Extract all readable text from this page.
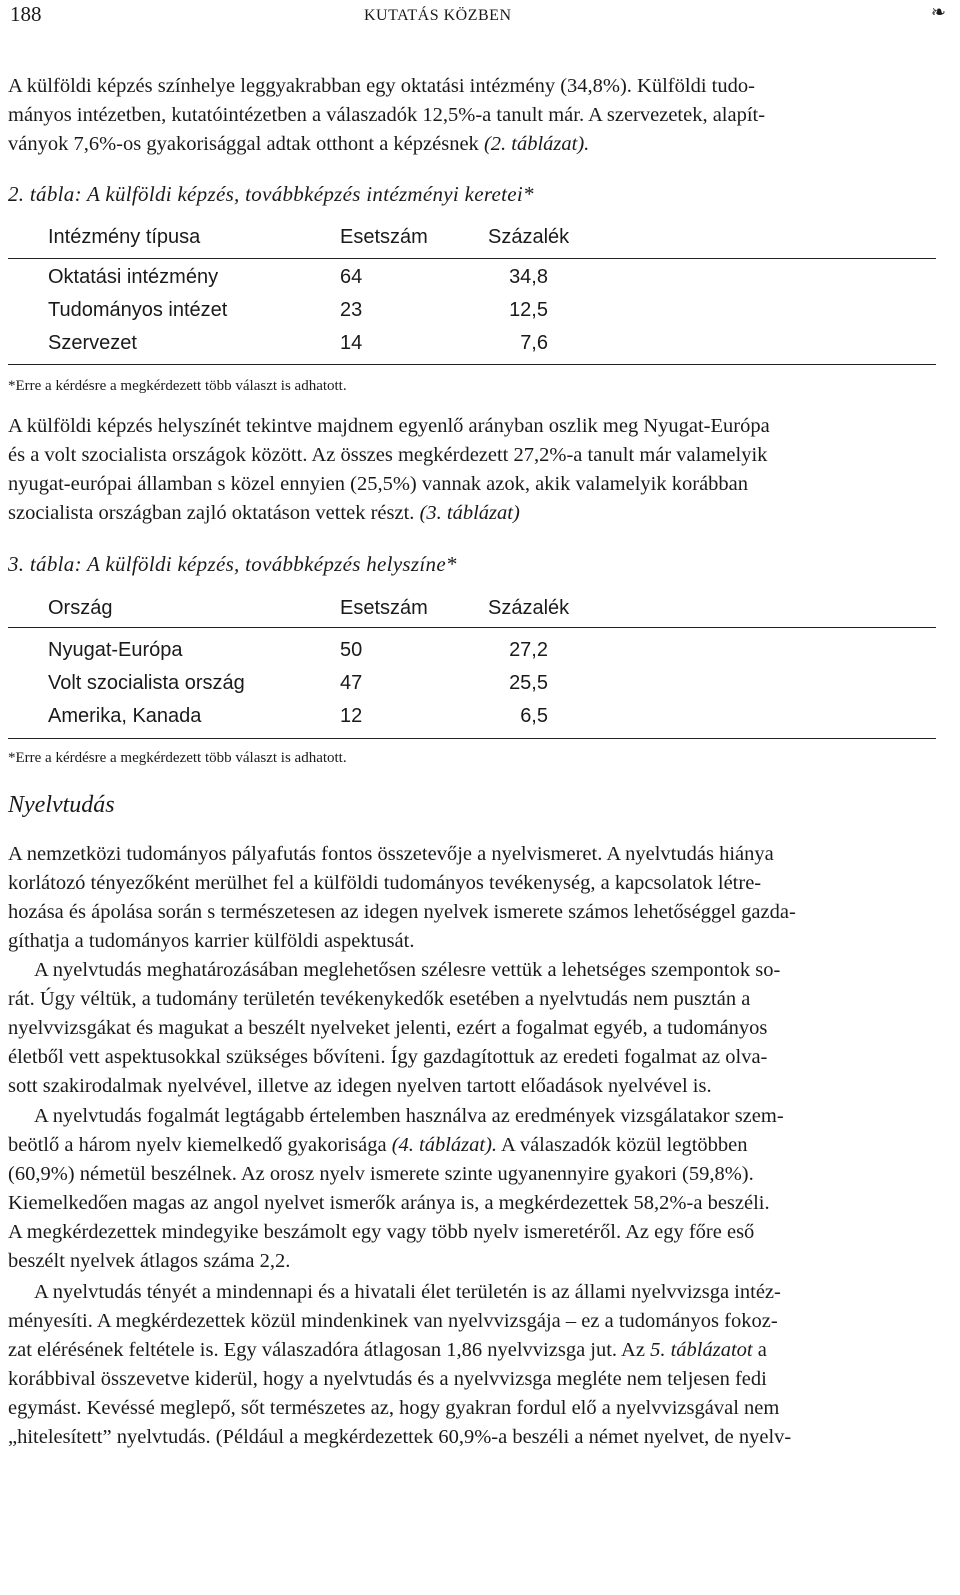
188	KUTATÁS KÖZBEN	❧
A külföldi képzés színhelye leggyakrabban egy oktatási intézmény (34,8%). Külföldi tudo-
mányos intézetben, kutatóintézetben a válaszadók 12,5%-a tanult már. A szervezetek, alapít-
ványok 7,6%-os gyakorisággal adtak otthont a képzésnek (2. táblázat).
2. tábla: A külföldi képzés, továbbképzés intézményi keretei*
Intézmény típusa	Esetszám	Százalék
Oktatási intézmény	64	34,8
Tudományos intézet	23	12,5
Szervezet	14	7,6
*Erre a kérdésre a megkérdezett több választ is adhatott.
A külföldi képzés helyszínét tekintve majdnem egyenlő arányban oszlik meg Nyugat-Európa
és a volt szocialista országok között. Az összes megkérdezett 27,2%-a tanult már valamelyik
nyugat-európai államban s közel ennyien (25,5%) vannak azok, akik valamelyik korábban
szocialista országban zajló oktatáson vettek részt. (3. táblázat)
3. tábla: A külföldi képzés, továbbképzés helyszíne*
Ország	Esetszám	Százalék
Nyugat-Európa	50	27,2
Volt szocialista ország	47	25,5
Amerika, Kanada	12	6,5
*Erre a kérdésre a megkérdezett több választ is adhatott.
Nyelvtudás
A nemzetközi tudományos pályafutás fontos összetevője a nyelvismeret. A nyelvtudás hiánya
korlátozó tényezőként merülhet fel a külföldi tudományos tevékenység, a kapcsolatok létre-
hozása és ápolása során s természetesen az idegen nyelvek ismerete számos lehetőséggel gazda-
gíthatja a tudományos karrier külföldi aspektusát.
A nyelvtudás meghatározásában meglehetősen szélesre vettük a lehetséges szempontok so-
rát. Úgy véltük, a tudomány területén tevékenykedők esetében a nyelvtudás nem pusztán a
nyelvvizsgákat és magukat a beszélt nyelveket jelenti, ezért a fogalmat egyéb, a tudományos
életből vett aspektusokkal szükséges bővíteni. Így gazdagítottuk az eredeti fogalmat az olva-
sott szakirodalmak nyelvével, illetve az idegen nyelven tartott előadások nyelvével is.
A nyelvtudás fogalmát legtágabb értelemben használva az eredmények vizsgálatakor szem-
beötlő a három nyelv kiemelkedő gyakorisága (4. táblázat). A válaszadók közül legtöbben
(60,9%) németül beszélnek. Az orosz nyelv ismerete szinte ugyanennyire gyakori (59,8%).
Kiemelkedően magas az angol nyelvet ismerők aránya is, a megkérdezettek 58,2%-a beszéli.
A megkérdezettek mindegyike beszámolt egy vagy több nyelv ismeretéről. Az egy főre eső
beszélt nyelvek átlagos száma 2,2.
A nyelvtudás tényét a mindennapi és a hivatali élet területén is az állami nyelvvizsga intéz-
ményesíti. A megkérdezettek közül mindenkinek van nyelvvizsgája – ez a tudományos fokoz-
zat elérésének feltétele is. Egy válaszadóra átlagosan 1,86 nyelvvizsga jut. Az 5. táblázatot a
korábbival összevetve kiderül, hogy a nyelvtudás és a nyelvvizsga megléte nem teljesen fedi
egymást. Kevéssé meglepő, sőt természetes az, hogy gyakran fordul elő a nyelvvizsgával nem
„hitelesített” nyelvtudás. (Például a megkérdezettek 60,9%-a beszéli a német nyelvet, de nyelv-
